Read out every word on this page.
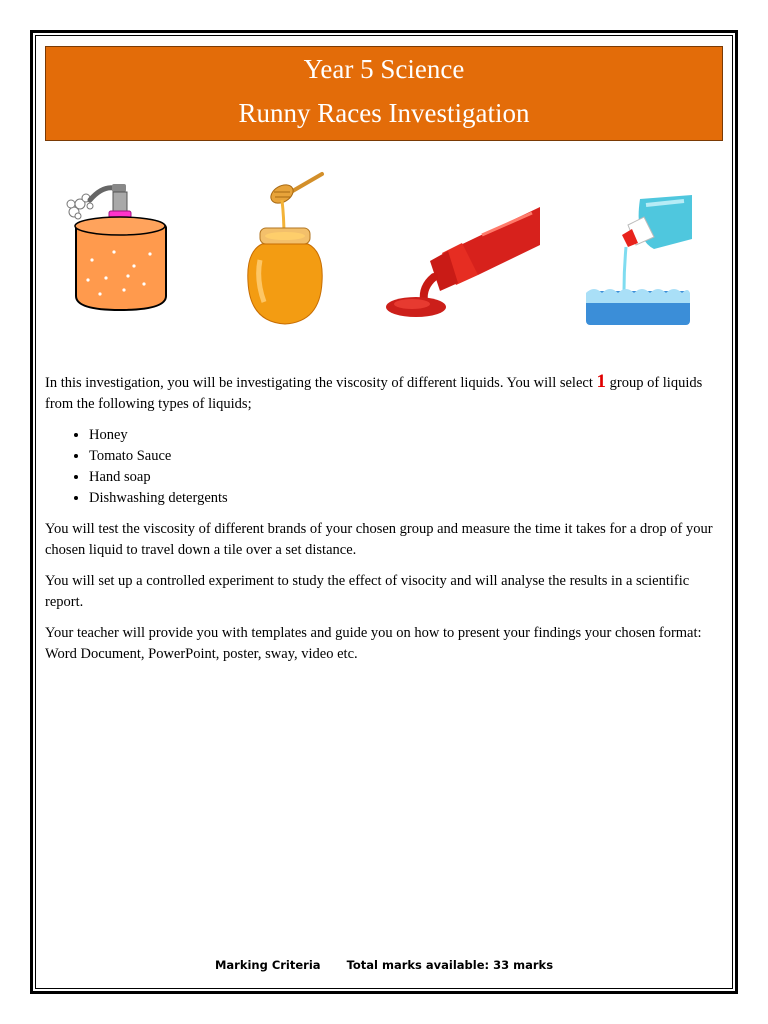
Year 5 Science
Runny Races Investigation

In this investigation, you will be investigating the viscosity of different liquids. You will select 1 group of liquids from the following types of liquids;

• Honey
• Tomato Sauce
• Hand soap
• Dishwashing detergents

You will test the viscosity of different brands of your chosen group and measure the time it takes for a drop of your chosen liquid to travel down a tile over a set distance.

You will set up a controlled experiment to study the effect of visocity and will analyse the results in a scientific report.

Your teacher will provide you with templates and guide you on how to present your findings your chosen format: Word Document, PowerPoint, poster, sway, video etc.

Marking Criteria Total marks available: 33 marks
